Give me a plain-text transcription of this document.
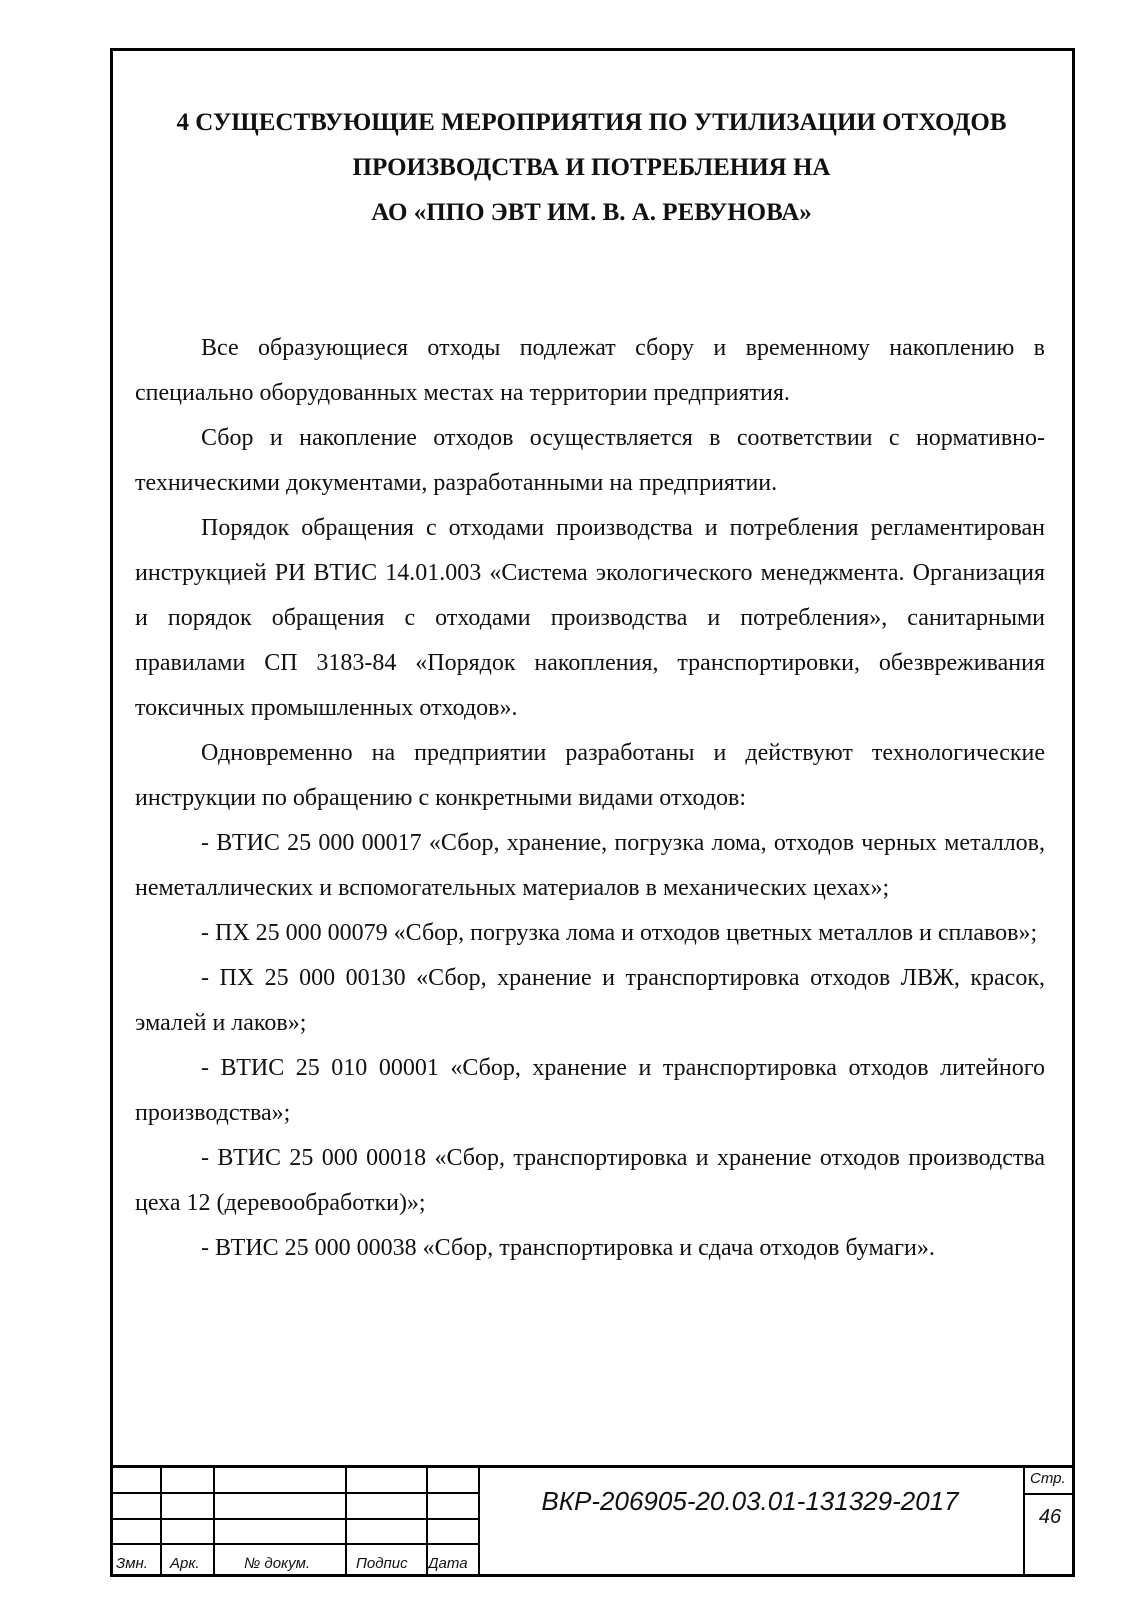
4 СУЩЕСТВУЮЩИЕ МЕРОПРИЯТИЯ ПО УТИЛИЗАЦИИ ОТХОДОВ
ПРОИЗВОДСТВА И ПОТРЕБЛЕНИЯ НА
АО «ППО ЭВТ ИМ. В. А. РЕВУНОВА»

Все образующиеся отходы подлежат сбору и временному накоплению в специально оборудованных местах на территории предприятия.

Сбор и накопление отходов осуществляется в соответствии с нормативно-техническими документами, разработанными на предприятии.

Порядок обращения с отходами производства и потребления регламентирован инструкцией РИ ВТИС 14.01.003 «Система экологического менеджмента. Организация и порядок обращения с отходами производства и потребления», санитарными правилами СП 3183-84 «Порядок накопления, транспортировки, обезвреживания токсичных промышленных отходов».

Одновременно на предприятии разработаны и действуют технологические инструкции по обращению с конкретными видами отходов:

- ВТИС 25 000 00017 «Сбор, хранение, погрузка лома, отходов черных металлов, неметаллических и вспомогательных материалов в механических цехах»;

- ПХ 25 000 00079 «Сбор, погрузка лома и отходов цветных металлов и сплавов»;

- ПХ 25 000 00130 «Сбор, хранение и транспортировка отходов ЛВЖ, красок, эмалей и лаков»;

- ВТИС 25 010 00001 «Сбор, хранение и транспортировка отходов литейного производства»;

- ВТИС 25 000 00018 «Сбор, транспортировка и хранение отходов производства цеха 12 (деревообработки)»;

- ВТИС 25 000 00038 «Сбор, транспортировка и сдача отходов бумаги».

Змн. Арк.	№ докум.	Подпис Дата
ВКР-206905-20.03.01-131329-2017
Стр.
46
